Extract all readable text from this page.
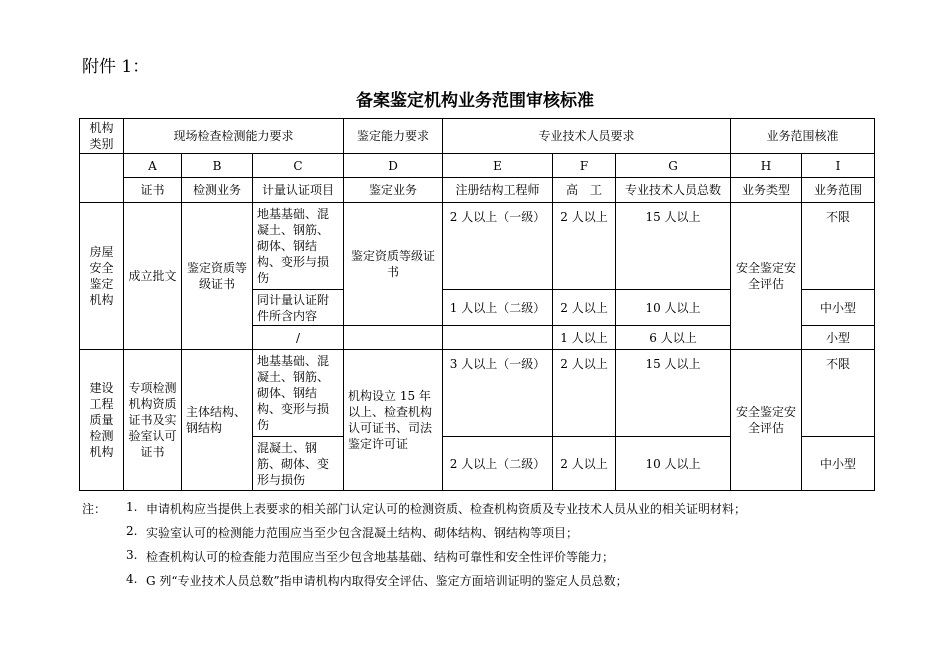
附件 1：
备案鉴定机构业务范围审核标准
机构类别	现场检查检测能力要求			鉴定能力要求	专业技术人员要求			业务范围核准	
	A	B	C	D	E	F	G	H	I
	证书	检测业务	计量认证项目	鉴定业务	注册结构工程师	高　工	专业技术人员总数	业务类型	业务范围
房屋安全鉴定机构	成立批文	鉴定资质等级证书	地基基础、混凝土、钢筋、砌体、钢结构、变形与损伤	鉴定资质等级证书	2 人以上（一级）	2 人以上	15 人以上	安全鉴定安全评估	不限
			同计量认证附件所含内容		1 人以上（二级）	2 人以上	10 人以上		中小型
			/			1 人以上	6 人以上		小型
建设工程质量检测机构	专项检测机构资质证书及实验室认可证书	主体结构、钢结构	地基基础、混凝土、钢筋、砌体、钢结构、变形与损伤	机构设立 15 年以上、检查机构认可证书、司法鉴定许可证	3 人以上（一级）	2 人以上	15 人以上	安全鉴定安全评估	不限
			混凝土、钢筋、砌体、变形与损伤		2 人以上（二级）	2 人以上	10 人以上		中小型
注：	1. 申请机构应当提供上表要求的相关部门认定认可的检测资质、检查机构资质及专业技术人员从业的相关证明材料；
2. 实验室认可的检测能力范围应当至少包含混凝土结构、砌体结构、钢结构等项目；
3. 检查机构认可的检查能力范围应当至少包含地基基础、结构可靠性和安全性评价等能力；
4. G 列“专业技术人员总数”指申请机构内取得安全评估、鉴定方面培训证明的鉴定人员总数；
